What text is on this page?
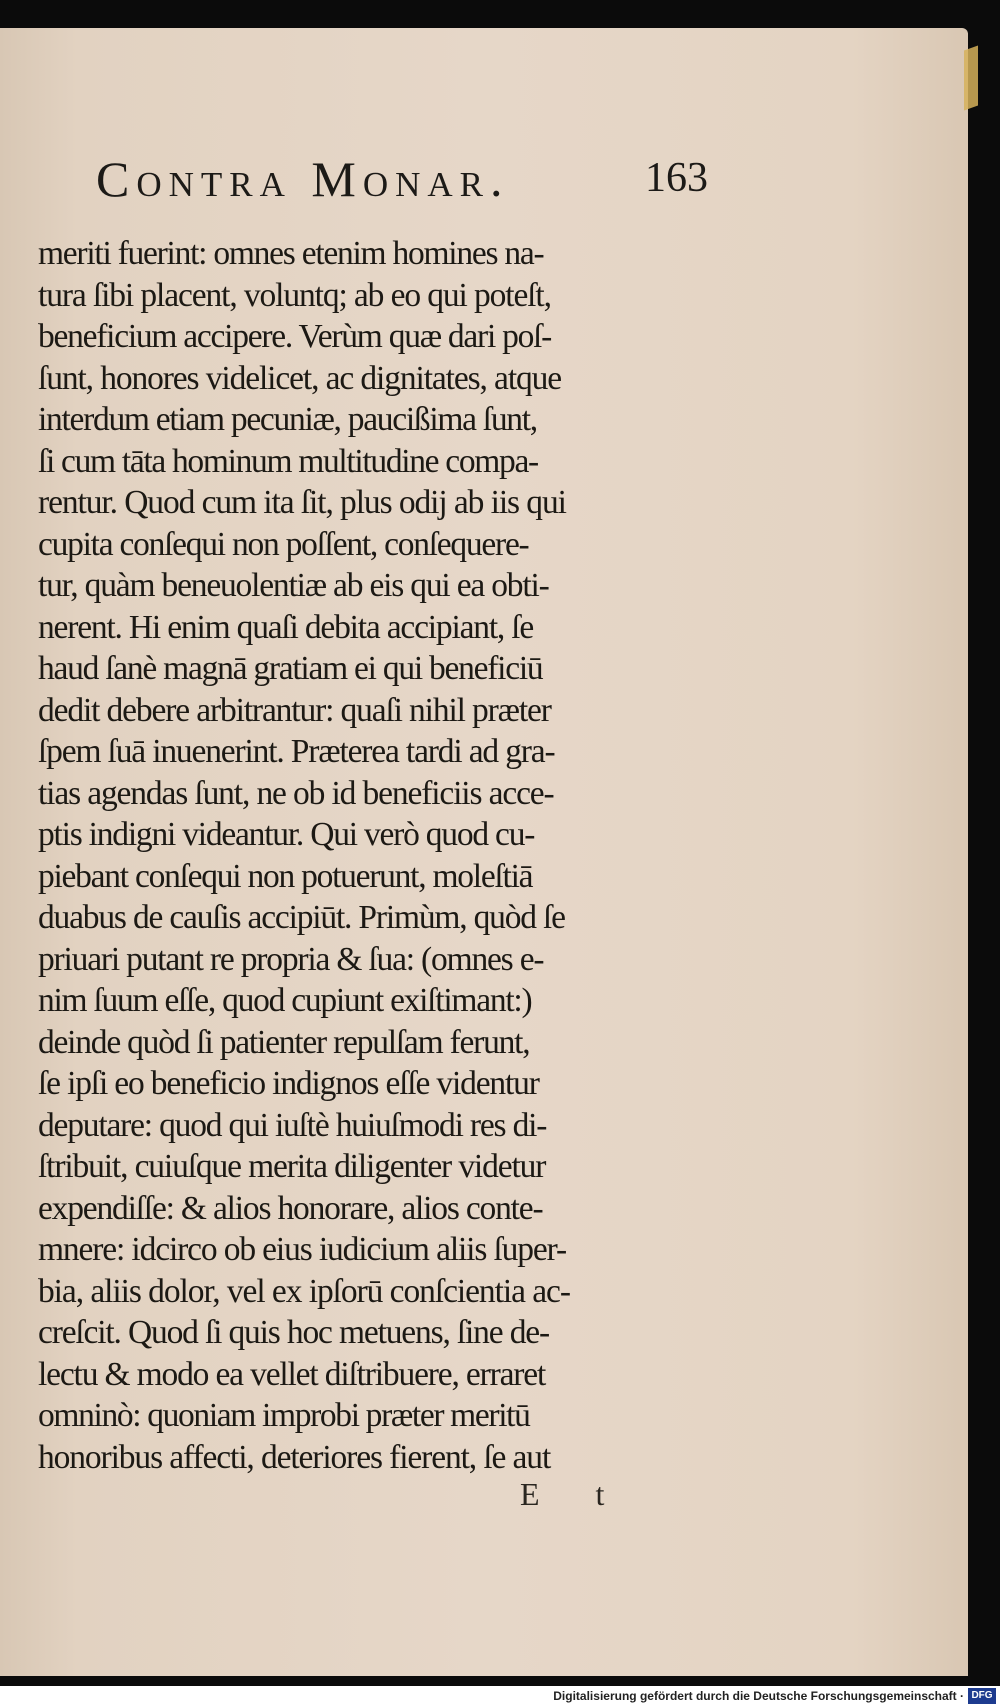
Contra Monar.	163
meriti fuerint: omnes etenim homines na-
tura ſibi placent, voluntq; ab eo qui poteſt,
beneficium accipere. Verùm quæ dari poſ-
ſunt, honores videlicet, ac dignitates, atque
interdum etiam pecuniæ, paucißima ſunt,
ſi cum tāta hominum multitudine compa-
rentur. Quod cum ita ſit, plus odij ab iis qui
cupita conſequi non poſſent, conſequere-
tur, quàm beneuolentiæ ab eis qui ea obti-
nerent. Hi enim quaſi debita accipiant, ſe
haud ſanè magnā gratiam ei qui beneficiū
dedit debere arbitrantur: quaſi nihil præter
ſpem ſuā inuenerint. Præterea tardi ad gra-
tias agendas ſunt, ne ob id beneficiis acce-
ptis indigni videantur. Qui verò quod cu-
piebant conſequi non potuerunt, moleſtiā
duabus de cauſis accipiūt. Primùm, quòd ſe
priuari putant re propria & ſua: (omnes e-
nim ſuum eſſe, quod cupiunt exiſtimant:)
deinde quòd ſi patienter repulſam ferunt,
ſe ipſi eo beneficio indignos eſſe videntur
deputare: quod qui iuſtè huiuſmodi res di-
ſtribuit, cuiuſque merita diligenter videtur
expendiſſe: & alios honorare, alios conte-
mnere: idcirco ob eius iudicium aliis ſuper-
bia, aliis dolor, vel ex ipſorū conſcientia ac-
creſcit. Quod ſi quis hoc metuens, ſine de-
lectu & modo ea vellet diſtribuere, erraret
omninò: quoniam improbi præter meritū
honoribus affecti, deteriores fierent, ſe aut
E t
Digitalisierung gefördert durch die Deutsche Forschungsgemeinschaft · DFG
